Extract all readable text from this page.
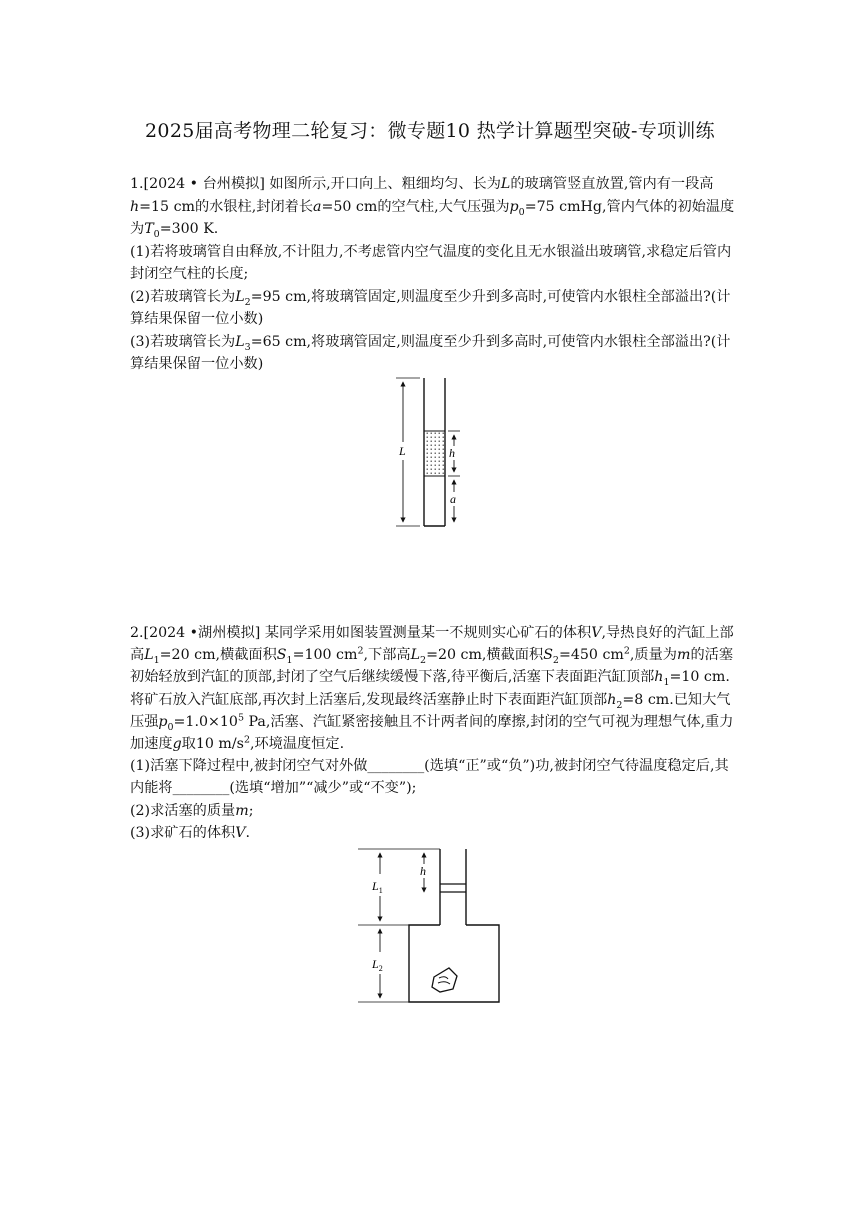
2025届高考物理二轮复习：微专题10 热学计算题型突破-专项训练

1.[2024 • 台州模拟] 如图所示,开口向上、粗细均匀、长为L的玻璃管竖直放置,管内有一段高h=15 cm的水银柱,封闭着长a=50 cm的空气柱,大气压强为$p_0=75$ cmHg,管内气体的初始温度为$T_0=300$ K.

(1)若将玻璃管自由释放,不计阻力,不考虑管内空气温度的变化且无水银溢出玻璃管,求稳定后管内封闭空气柱的长度;

(2)若玻璃管长为$L_2=95$ cm,将玻璃管固定,则温度至少升到多高时,可使管内水银柱全部溢出?(计算结果保留一位小数)

(3)若玻璃管长为$L_3=65$ cm,将玻璃管固定,则温度至少升到多高时,可使管内水银柱全部溢出?(计算结果保留一位小数)

L	h
a

2.[2024 •湖州模拟] 某同学采用如图装置测量某一不规则实心矿石的体积V,导热良好的汽缸上部高$L_1=20$ cm,横截面积$S_1=100$ $cm^2$,下部高$L_2=20$ cm,横截面积$S_2=450$ $cm^2$,质量为m的活塞初始轻放到汽缸的顶部,封闭了空气后继续缓慢下落,待平衡后,活塞下表面距汽缸顶部$h_1=10$ cm.将矿石放入汽缸底部,再次封上活塞后,发现最终活塞静止时下表面距汽缸顶部$h_2=8$ cm.已知大气压强$p_0=1.0\times 10^5$ Pa,活塞、汽缸紧密接触且不计两者间的摩擦,封闭的空气可视为理想气体,重力加速度g取10 $m/s^2$,环境温度恒定.

(1)活塞下降过程中,被封闭空气对外做________(选填“正”或“负”)功,被封闭空气待温度稳定后,其内能将________(选填“增加”“减少”或“不变”);

(2)求活塞的质量m;

(3)求矿石的体积V.

$L_1$
$L_2$
h
